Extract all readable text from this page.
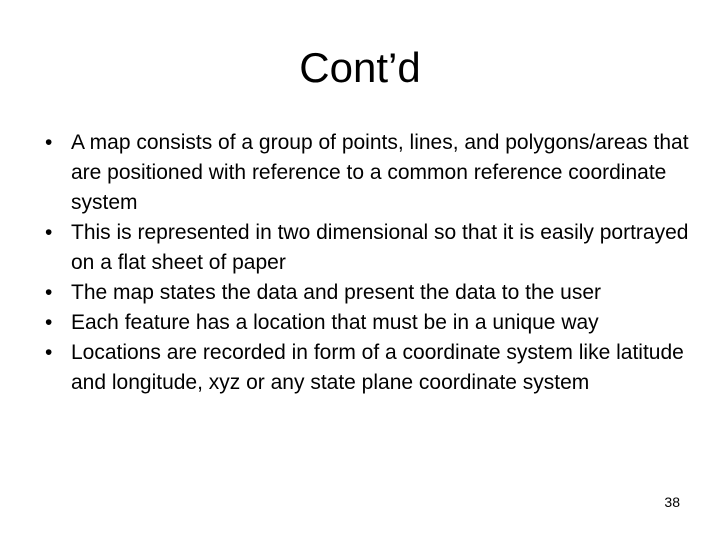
Cont’d
• A map consists of a group of points, lines, and polygons/areas that are positioned with reference to a common reference coordinate system
• This is represented in two dimensional so that it is easily portrayed on a flat sheet of paper
• The map states the data and present the data to the user
• Each feature has a location that must be in a unique way
• Locations are recorded in form of a coordinate system like latitude and longitude, xyz or any state plane coordinate system
38
